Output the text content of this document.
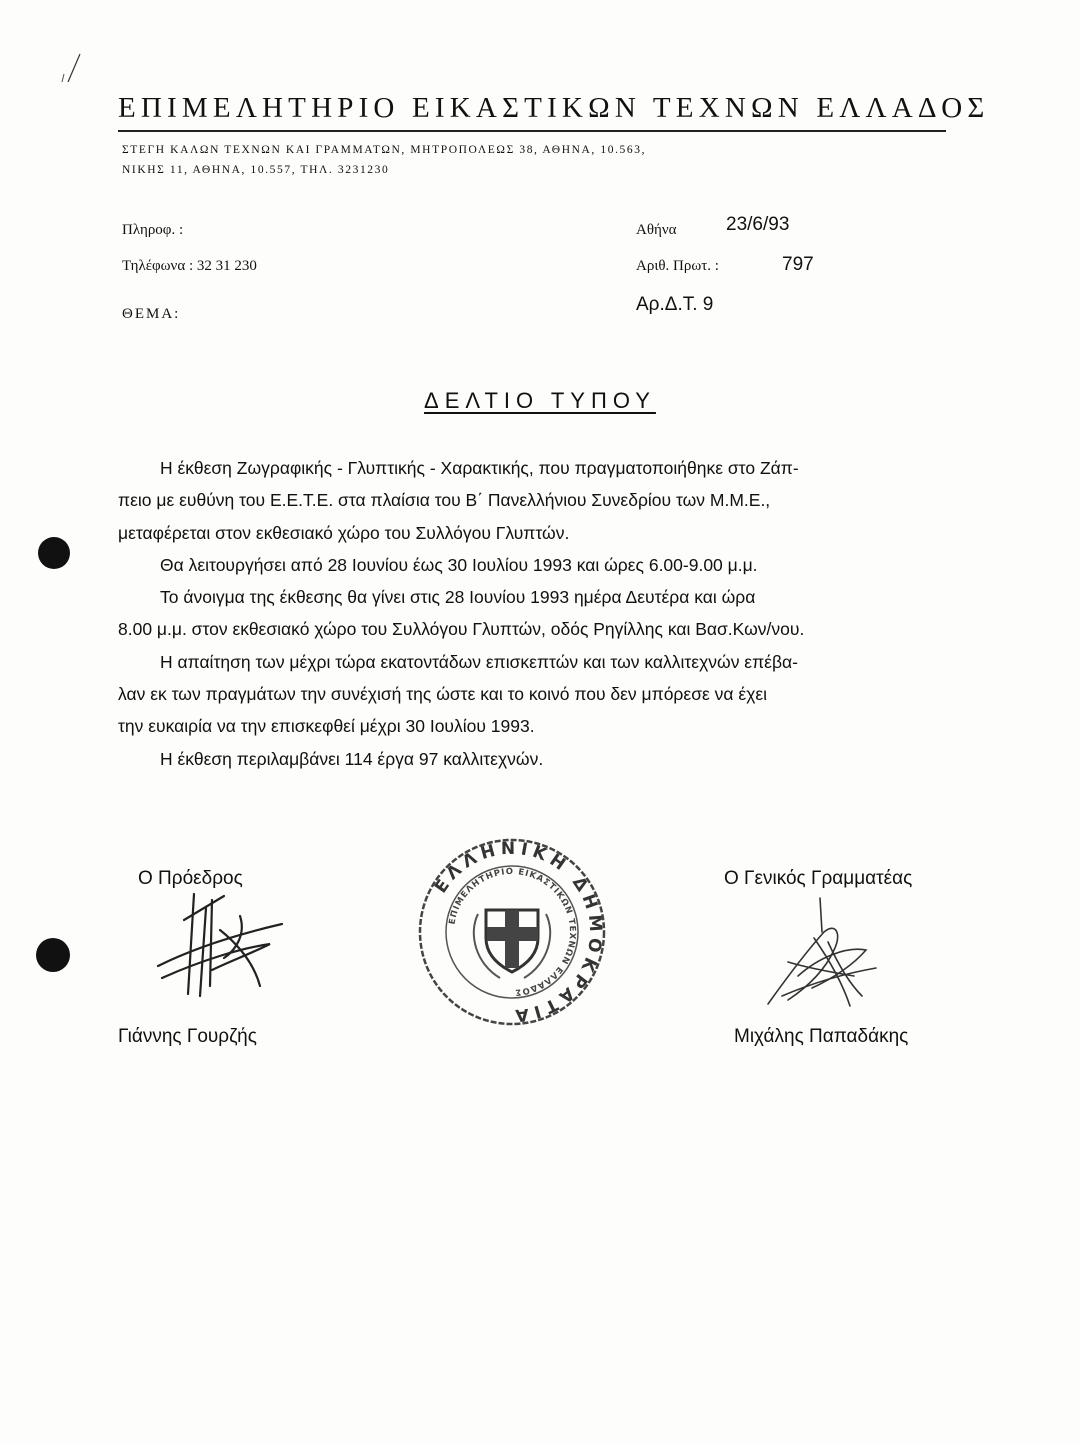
ΕΠΙΜΕΛΗΤΗΡΙΟ ΕΙΚΑΣΤΙΚΩΝ ΤΕΧΝΩΝ ΕΛΛΑΔΟΣ
ΣΤΕΓΗ ΚΑΛΩΝ ΤΕΧΝΩΝ ΚΑΙ ΓΡΑΜΜΑΤΩΝ, ΜΗΤΡΟΠΟΛΕΩΣ 38, ΑΘΗΝΑ, 10.563,
ΝΙΚΗΣ 11, ΑΘΗΝΑ, 10.557, ΤΗΛ. 3231230
Πληροφ. :
Τηλέφωνα : 32 31 230
ΘΕΜΑ:
Αθήνα	23/6/93
Αριθ. Πρωτ. :	797
Αρ.Δ.Τ. 9
ΔΕΛΤΙΟ ΤΥΠΟΥ
Η έκθεση Ζωγραφικής - Γλυπτικής - Χαρακτικής, που πραγματοποιήθηκε στο Ζάπ-
πειο με ευθύνη του Ε.Ε.Τ.Ε. στα πλαίσια του Β΄ Πανελλήνιου Συνεδρίου των Μ.Μ.Ε.,
μεταφέρεται στον εκθεσιακό χώρο του Συλλόγου Γλυπτών.
Θα λειτουργήσει από 28 Ιουνίου έως 30 Ιουλίου 1993 και ώρες 6.00-9.00 μ.μ.
Το άνοιγμα της έκθεσης θα γίνει στις 28 Ιουνίου 1993 ημέρα Δευτέρα και ώρα
8.00 μ.μ. στον εκθεσιακό χώρο του Συλλόγου Γλυπτών, οδός Ρηγίλλης και Βασ.Κων/νου.
Η απαίτηση των μέχρι τώρα εκατοντάδων επισκεπτών και των καλλιτεχνών επέβα-
λαν εκ των πραγμάτων την συνέχισή της ώστε και το κοινό που δεν μπόρεσε να έχει
την ευκαιρία να την επισκεφθεί μέχρι 30 Ιουλίου 1993.
Η έκθεση περιλαμβάνει 114 έργα 97 καλλιτεχνών.
Ο Πρόεδρος
Γιάννης Γουρζής
Ο Γενικός Γραμματέας
Μιχάλης Παπαδάκης
ΕΛΛΗΝΙΚΗ ΔΗΜΟΚΡΑΤΙΑ
ΕΠΙΜΕΛΗΤΗΡΙΟ ΕΙΚΑΣΤΙΚΩΝ ΤΕΧΝΩΝ ΕΛΛΑΔΟΣ
